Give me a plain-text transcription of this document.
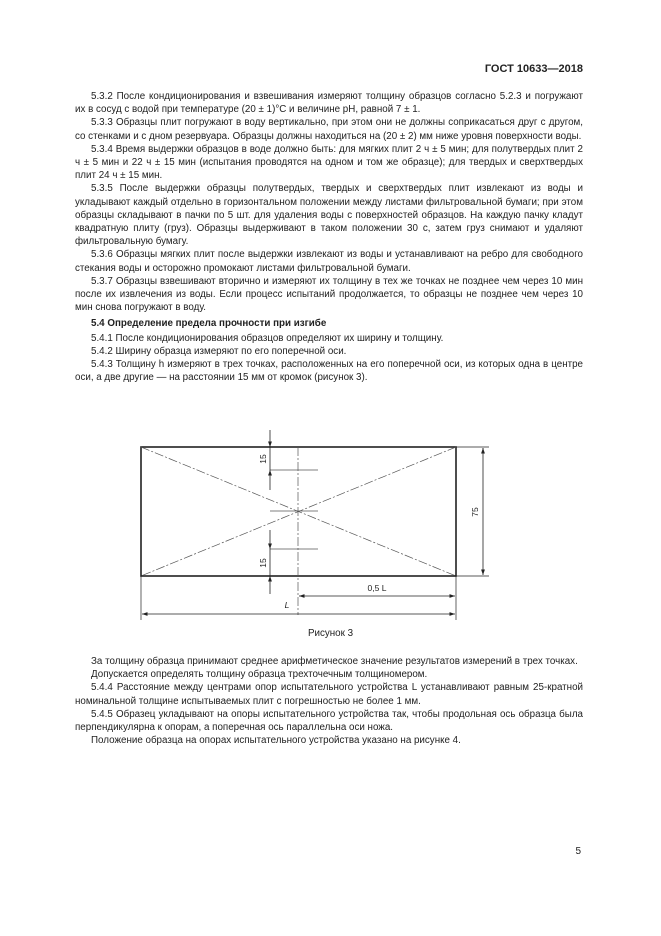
ГОСТ 10633—2018

5.3.2 После кондиционирования и взвешивания измеряют толщину образцов согласно 5.2.3 и погружают их в сосуд с водой при температуре (20 ± 1)°С и величине pH, равной 7 ± 1.

5.3.3 Образцы плит погружают в воду вертикально, при этом они не должны соприкасаться друг с другом, со стенками и с дном резервуара. Образцы должны находиться на (20 ± 2) мм ниже уровня поверхности воды.

5.3.4 Время выдержки образцов в воде должно быть: для мягких плит 2 ч ± 5 мин; для полутвердых плит 2 ч ± 5 мин и 22 ч ± 15 мин (испытания проводятся на одном и том же образце); для твердых и сверхтвердых плит 24 ч ± 15 мин.

5.3.5 После выдержки образцы полутвердых, твердых и сверхтвердых плит извлекают из воды и укладывают каждый отдельно в горизонтальном положении между листами фильтровальной бумаги; при этом образцы складывают в пачки по 5 шт. для удаления воды с поверхностей образцов. На каждую пачку кладут квадратную плиту (груз). Образцы выдерживают в таком положении 30 с, затем груз снимают и удаляют фильтровальную бумагу.

5.3.6 Образцы мягких плит после выдержки извлекают из воды и устанавливают на ребро для свободного стекания воды и осторожно промокают листами фильтровальной бумаги.

5.3.7 Образцы взвешивают вторично и измеряют их толщину в тех же точках не позднее чем через 10 мин после их извлечения из воды. Если процесс испытаний продолжается, то образцы не позднее чем через 10 мин снова погружают в воду.

5.4 Определение предела прочности при изгибе

5.4.1 После кондиционирования образцов определяют их ширину и толщину.

5.4.2 Ширину образца измеряют по его поперечной оси.

5.4.3 Толщину h измеряют в трех точках, расположенных на его поперечной оси, из которых одна в центре оси, а две другие — на расстоянии 15 мм от кромок (рисунок 3).

15
15
75
0,5 L
L
Рисунок 3

За толщину образца принимают среднее арифметическое значение результатов измерений в трех точках.

Допускается определять толщину образца трехточечным толщиномером.

5.4.4 Расстояние между центрами опор испытательного устройства L устанавливают равным 25-кратной номинальной толщине испытываемых плит с погрешностью не более 1 мм.

5.4.5 Образец укладывают на опоры испытательного устройства так, чтобы продольная ось образца была перпендикулярна к опорам, а поперечная ось параллельна оси ножа.

Положение образца на опорах испытательного устройства указано на рисунке 4.

5
